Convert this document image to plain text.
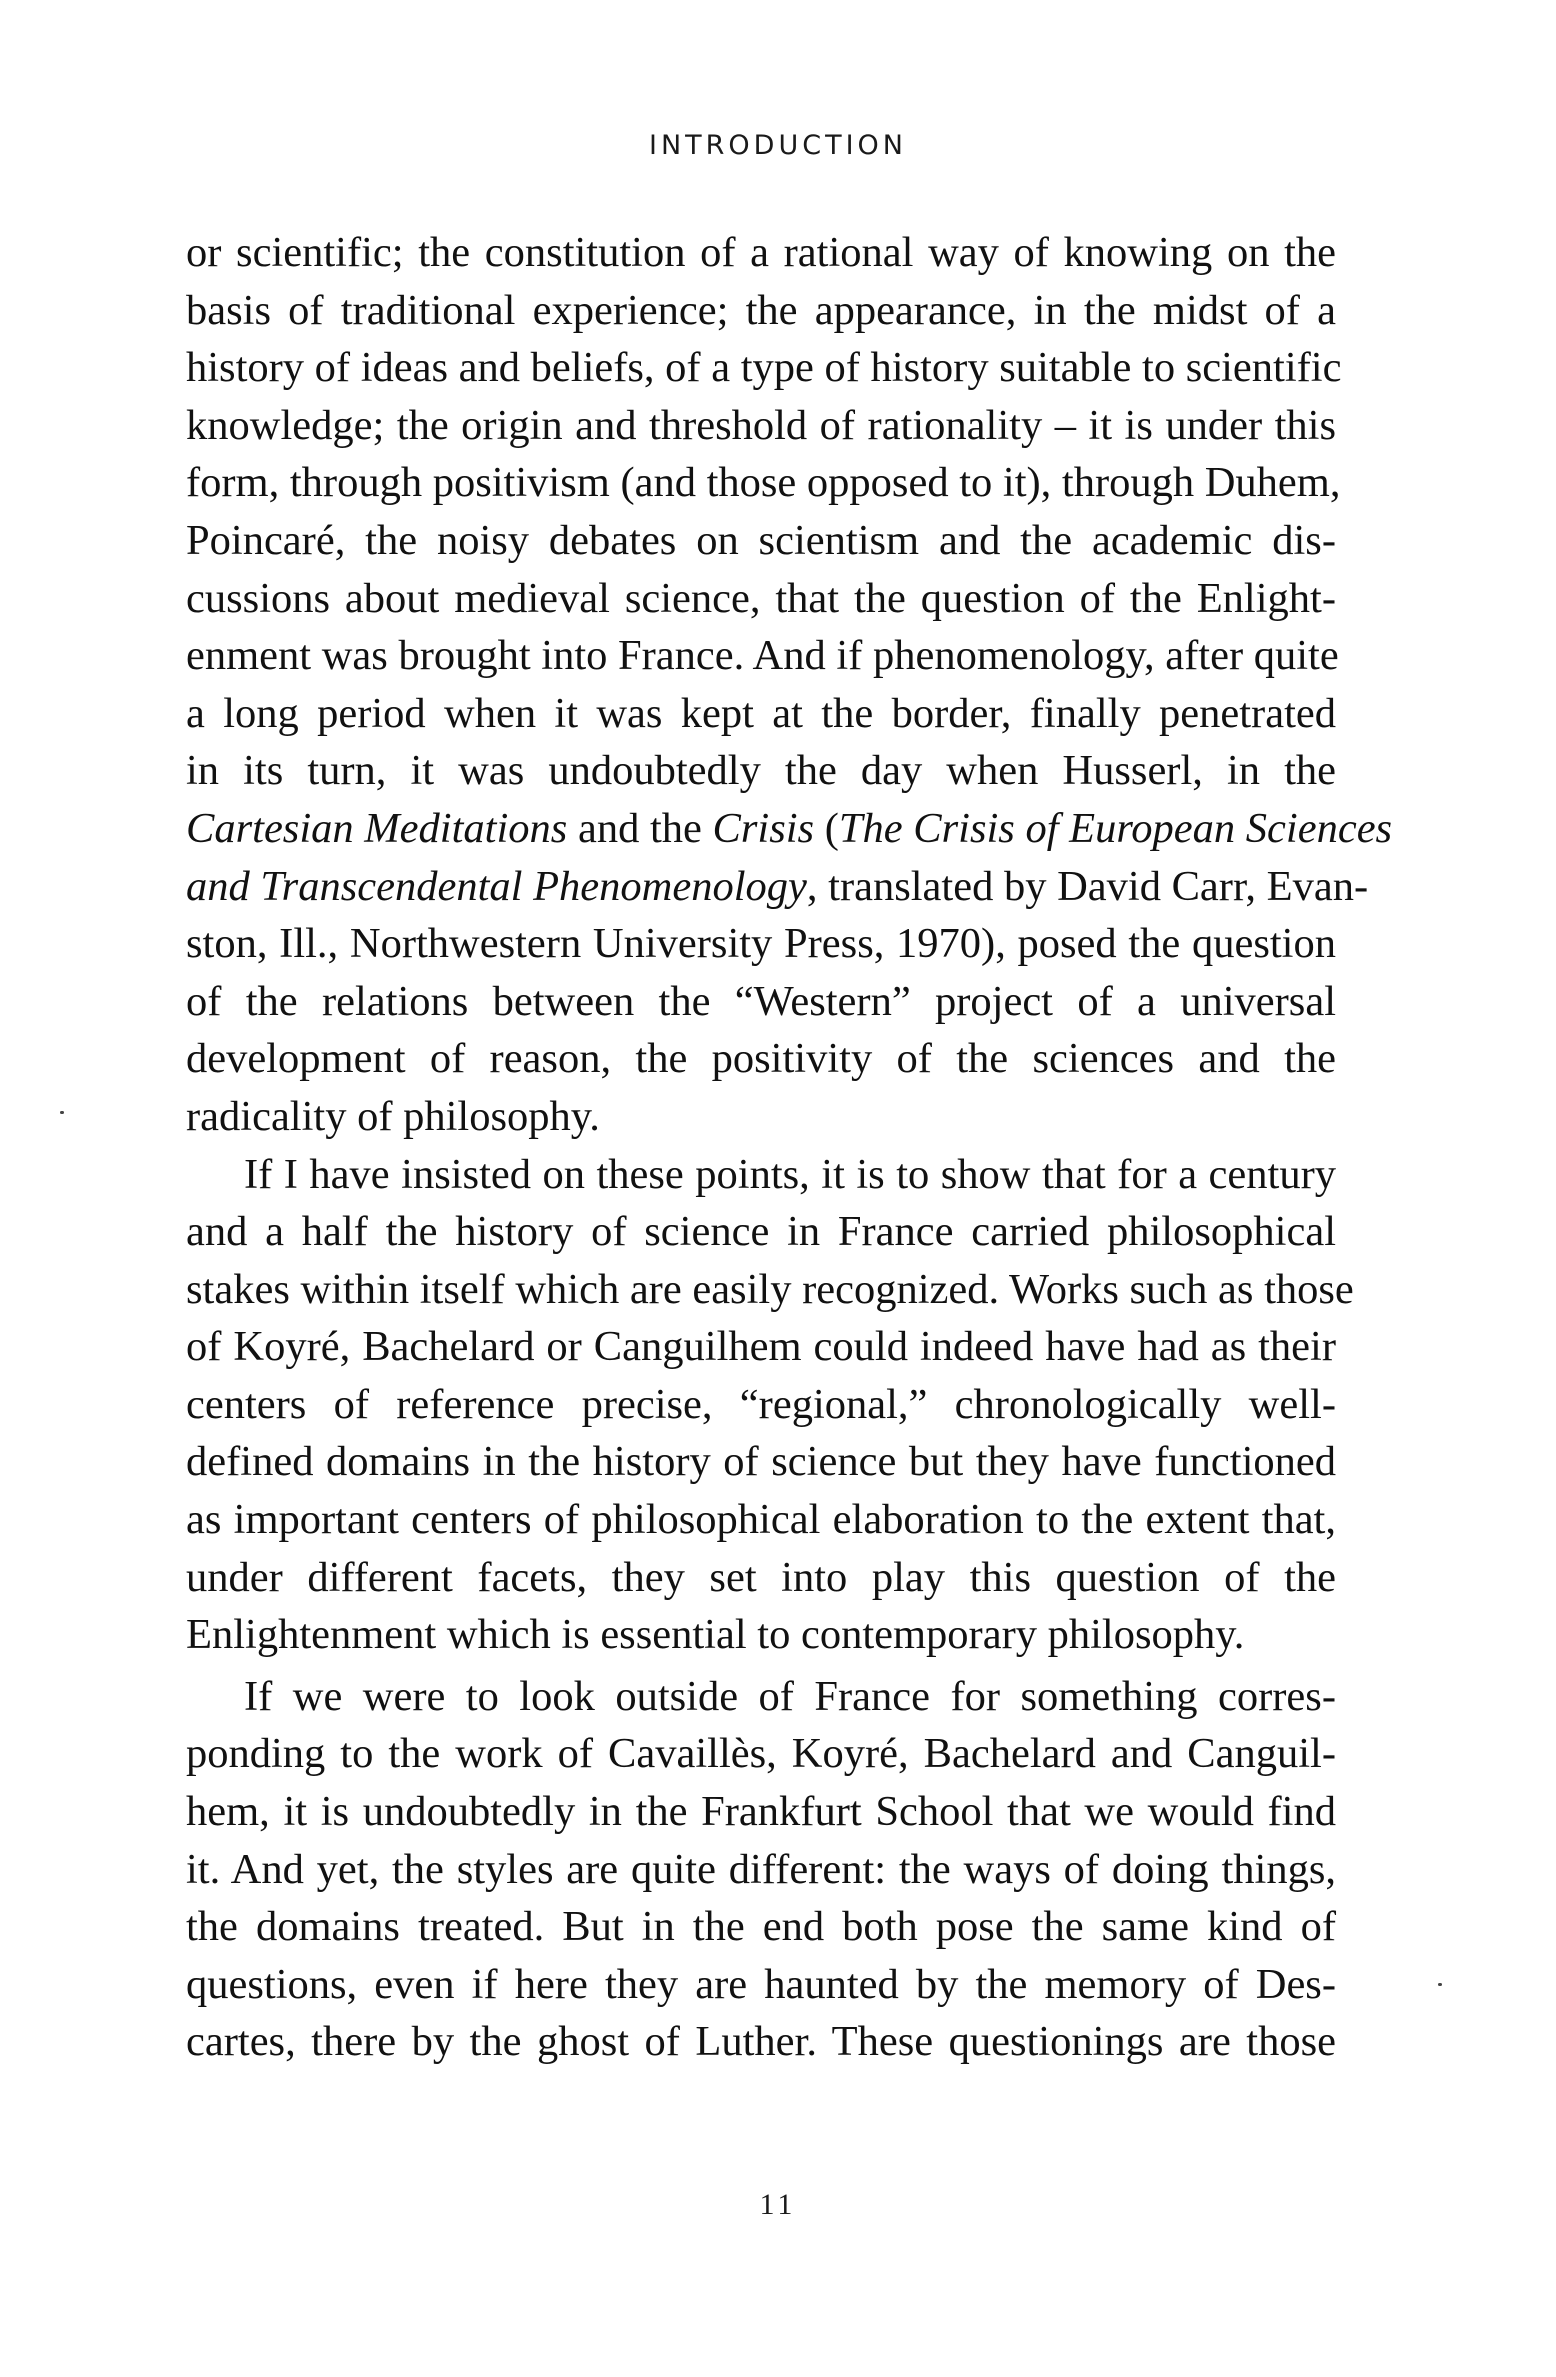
INTRODUCTION
or scientific; the constitution of a rational way of knowing on the
basis of traditional experience; the appearance, in the midst of a
history of ideas and beliefs, of a type of history suitable to scientific
knowledge; the origin and threshold of rationality – it is under this
form, through positivism (and those opposed to it), through Duhem,
Poincaré, the noisy debates on scientism and the academic dis-
cussions about medieval science, that the question of the Enlight-
enment was brought into France. And if phenomenology, after quite
a long period when it was kept at the border, finally penetrated
in its turn, it was undoubtedly the day when Husserl, in the
Cartesian Meditations and the Crisis (The Crisis of European Sciences
and Transcendental Phenomenology, translated by David Carr, Evan-
ston, Ill., Northwestern University Press, 1970), posed the question
of the relations between the “Western” project of a universal
development of reason, the positivity of the sciences and the
radicality of philosophy.
If I have insisted on these points, it is to show that for a century
and a half the history of science in France carried philosophical
stakes within itself which are easily recognized. Works such as those
of Koyré, Bachelard or Canguilhem could indeed have had as their
centers of reference precise, “regional,” chronologically well-
defined domains in the history of science but they have functioned
as important centers of philosophical elaboration to the extent that,
under different facets, they set into play this question of the
Enlightenment which is essential to contemporary philosophy.
If we were to look outside of France for something corres-
ponding to the work of Cavaillès, Koyré, Bachelard and Canguil-
hem, it is undoubtedly in the Frankfurt School that we would find
it. And yet, the styles are quite different: the ways of doing things,
the domains treated. But in the end both pose the same kind of
questions, even if here they are haunted by the memory of Des-
cartes, there by the ghost of Luther. These questionings are those
11
